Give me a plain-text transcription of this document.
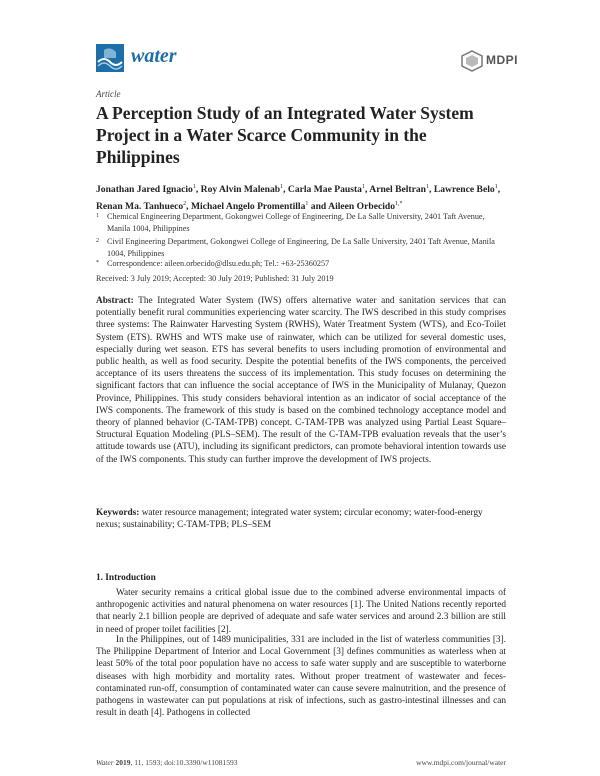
water	MDPI
Article
A Perception Study of an Integrated Water System Project in a Water Scarce Community in the Philippines
Jonathan Jared Ignacio$^1$, Roy Alvin Malenab$^1$, Carla Mae Pausta$^1$, Arnel Beltran$^1$, Lawrence Belo$^1$, Renan Ma. Tanhueco$^2$, Michael Angelo Promentilla$^1$ and Aileen Orbecido$^{1,*}$
1 Chemical Engineering Department, Gokongwei College of Engineering, De La Salle University, 2401 Taft Avenue, Manila 1004, Philippines
2 Civil Engineering Department, Gokongwei College of Engineering, De La Salle University, 2401 Taft Avenue, Manila 1004, Philippines
* Correspondence: aileen.orbecido@dlsu.edu.ph; Tel.: +63-25360257
Received: 3 July 2019; Accepted: 30 July 2019; Published: 31 July 2019
Abstract: The Integrated Water System (IWS) offers alternative water and sanitation services that can potentially benefit rural communities experiencing water scarcity. The IWS described in this study comprises three systems: The Rainwater Harvesting System (RWHS), Water Treatment System (WTS), and Eco-Toilet System (ETS). RWHS and WTS make use of rainwater, which can be utilized for several domestic uses, especially during wet season. ETS has several benefits to users including promotion of environmental and public health, as well as food security. Despite the potential benefits of the IWS components, the perceived acceptance of its users threatens the success of its implementation. This study focuses on determining the significant factors that can influence the social acceptance of IWS in the Municipality of Mulanay, Quezon Province, Philippines. This study considers behavioral intention as an indicator of social acceptance of the IWS components. The framework of this study is based on the combined technology acceptance model and theory of planned behavior (C-TAM-TPB) concept. C-TAM-TPB was analyzed using Partial Least Square–Structural Equation Modeling (PLS–SEM). The result of the C-TAM-TPB evaluation reveals that the user’s attitude towards use (ATU), including its significant predictors, can promote behavioral intention towards use of the IWS components. This study can further improve the development of IWS projects.
Keywords: water resource management; integrated water system; circular economy; water-food-energy nexus; sustainability; C-TAM-TPB; PLS–SEM
1. Introduction
Water security remains a critical global issue due to the combined adverse environmental impacts of anthropogenic activities and natural phenomena on water resources [1]. The United Nations recently reported that nearly 2.1 billion people are deprived of adequate and safe water services and around 2.3 billion are still in need of proper toilet facilities [2].
In the Philippines, out of 1489 municipalities, 331 are included in the list of waterless communities [3]. The Philippine Department of Interior and Local Government [3] defines communities as waterless when at least 50% of the total poor population have no access to safe water supply and are susceptible to waterborne diseases with high morbidity and mortality rates. Without proper treatment of wastewater and feces-contaminated run-off, consumption of contaminated water can cause severe malnutrition, and the presence of pathogens in wastewater can put populations at risk of infections, such as gastro-intestinal illnesses and can result in death [4]. Pathogens in collected
Water 2019, 11, 1593; doi:10.3390/w11081593	www.mdpi.com/journal/water
